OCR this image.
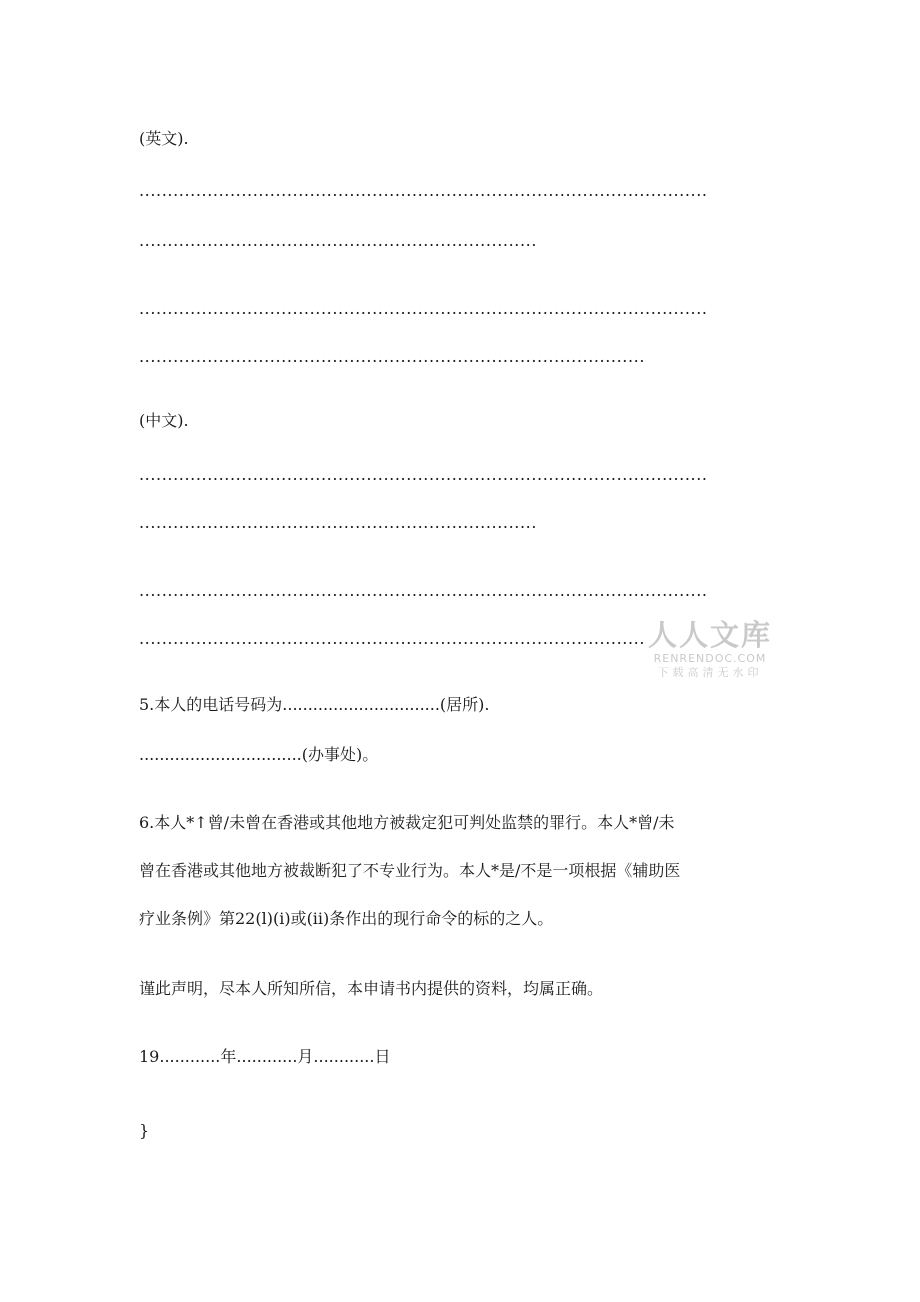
(英文).
....................................................................................................
......................................................................
....................................................................................................
.........................................................................................
(中文).
....................................................................................................
......................................................................
....................................................................................................
......................................................................................... 人人文库
RENRENDOC.COM
下载高清无水印
5.本人的电话号码为...............................(居所).
................................(办事处)。
6.本人*↑曾/未曾在香港或其他地方被裁定犯可判处监禁的罪行。本人*曾/未
曾在香港或其他地方被裁断犯了不专业行为。本人*是/不是一项根据《辅助医
疗业条例》第22(l)(i)或(ii)条作出的现行命令的标的之人。
谨此声明，尽本人所知所信，本申请书内提供的资料，均属正确。
19............年............月............日
}
